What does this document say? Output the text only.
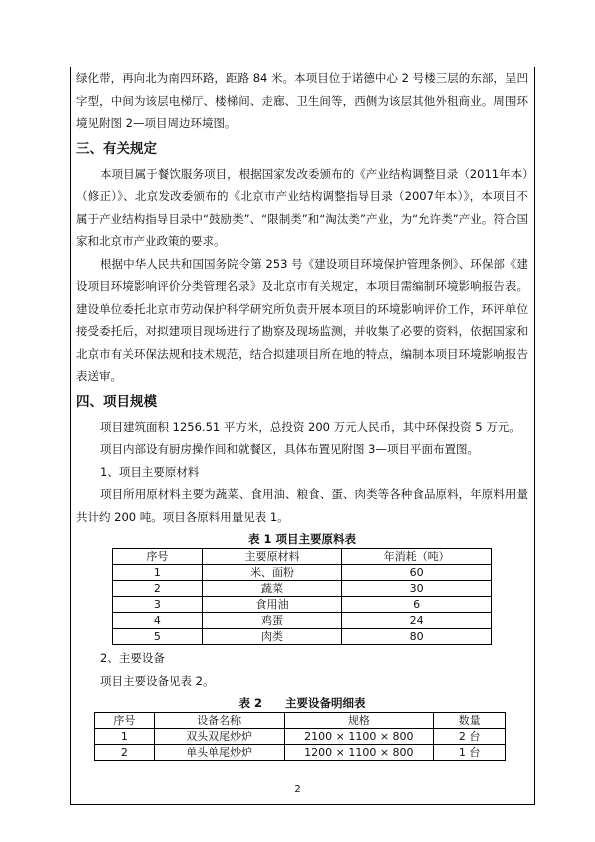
绿化带，再向北为南四环路，距路 84 米。本项目位于诺德中心 2 号楼三层的东部，呈凹字型，中间为该层电梯厅、楼梯间、走廊、卫生间等，西侧为该层其他外租商业。周围环境见附图 2—项目周边环境图。

三、有关规定

本项目属于餐饮服务项目，根据国家发改委颁布的《产业结构调整目录（2011年本）（修正）》、北京发改委颁布的《北京市产业结构调整指导目录（2007年本）》，本项目不属于产业结构指导目录中“鼓励类”、“限制类”和“淘汰类”产业，为“允许类”产业。符合国家和北京市产业政策的要求。

根据中华人民共和国国务院令第 253 号《建设项目环境保护管理条例》、环保部《建设项目环境影响评价分类管理名录》及北京市有关规定，本项目需编制环境影响报告表。建设单位委托北京市劳动保护科学研究所负责开展本项目的环境影响评价工作，环评单位接受委托后，对拟建项目现场进行了勘察及现场监测，并收集了必要的资料，依据国家和北京市有关环保法规和技术规范，结合拟建项目所在地的特点，编制本项目环境影响报告表送审。

四、项目规模

项目建筑面积 1256.51 平方米，总投资 200 万元人民币，其中环保投资 5 万元。

项目内部设有厨房操作间和就餐区，具体布置见附图 3—项目平面布置图。

1、项目主要原材料

项目所用原材料主要为蔬菜、食用油、粮食、蛋、肉类等各种食品原料，年原料用量共计约 200 吨。项目各原料用量见表 1。

表 1 项目主要原料表
序号	主要原材料	年消耗（吨）
1	米、面粉	60
2	蔬菜	30
3	食用油	6
4	鸡蛋	24
5	肉类	80

2、主要设备

项目主要设备见表 2。

表 2　　主要设备明细表
序号	设备名称	规格	数量
1	双头双尾炒炉	2100 × 1100 × 800	2 台
2	单头单尾炒炉	1200 × 1100 × 800	1 台
2
